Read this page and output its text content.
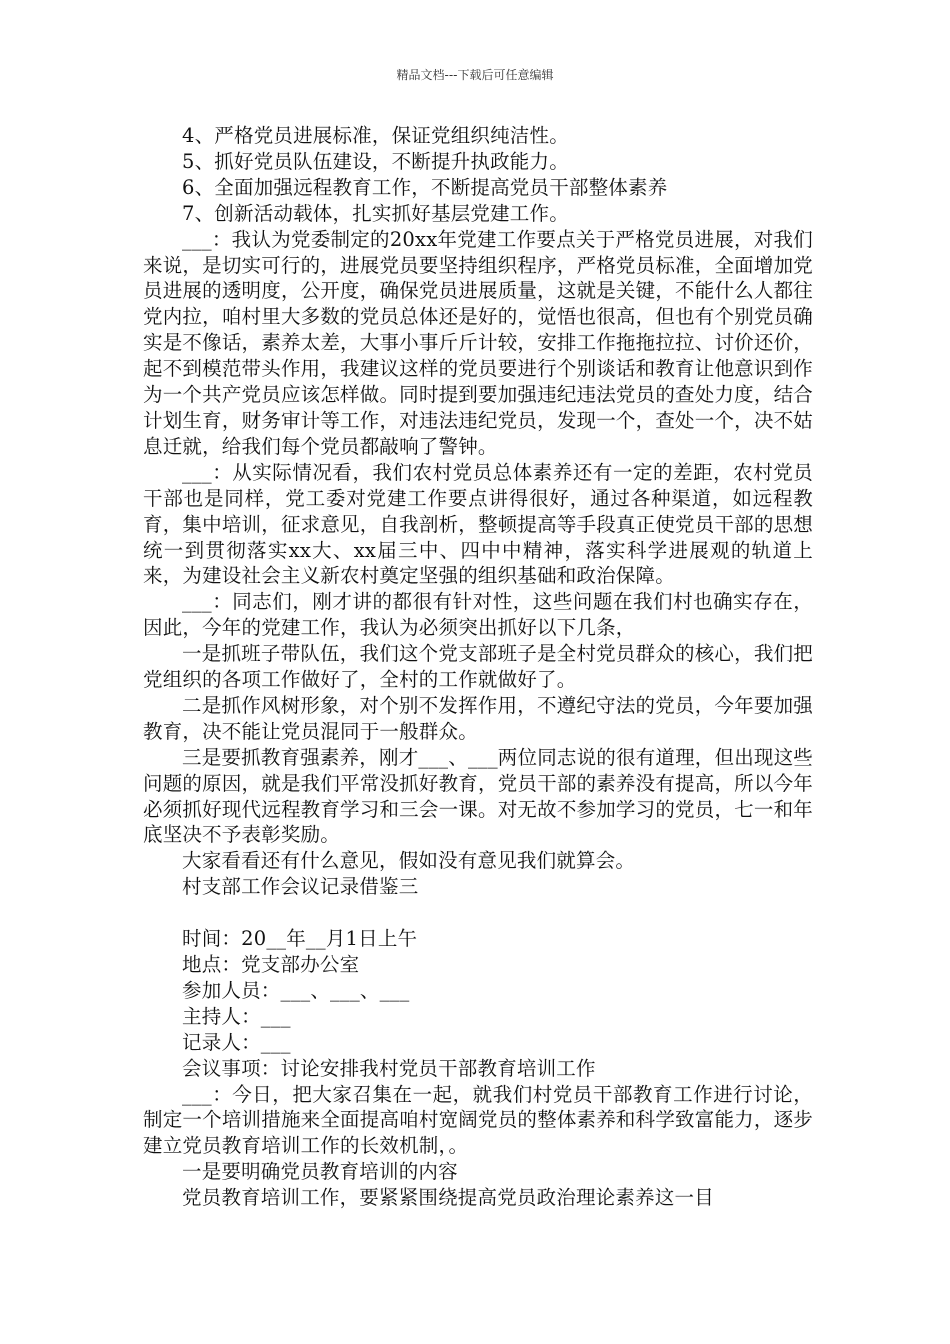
精品文档---下载后可任意编辑

4、严格党员进展标准，保证党组织纯洁性。

5、抓好党员队伍建设，不断提升执政能力。

6、全面加强远程教育工作，不断提高党员干部整体素养

7、创新活动载体，扎实抓好基层党建工作。

___：我认为党委制定的20xx年党建工作要点关于严格党员进展，对我们来说，是切实可行的，进展党员要坚持组织程序，严格党员标准，全面增加党员进展的透明度，公开度，确保党员进展质量，这就是关键，不能什么人都往党内拉，咱村里大多数的党员总体还是好的，觉悟也很高，但也有个别党员确实是不像话，素养太差，大事小事斤斤计较，安排工作拖拖拉拉、讨价还价，起不到模范带头作用，我建议这样的党员要进行个别谈话和教育让他意识到作为一个共产党员应该怎样做。同时提到要加强违纪违法党员的查处力度，结合计划生育，财务审计等工作，对违法违纪党员，发现一个，查处一个，决不姑息迁就，给我们每个党员都敲响了警钟。

___：从实际情况看，我们农村党员总体素养还有一定的差距，农村党员干部也是同样，党工委对党建工作要点讲得很好，通过各种渠道，如远程教育，集中培训，征求意见，自我剖析，整顿提高等手段真正使党员干部的思想统一到贯彻落实xx大、xx届三中、四中中精神，落实科学进展观的轨道上来，为建设社会主义新农村奠定坚强的组织基础和政治保障。

___：同志们，刚才讲的都很有针对性，这些问题在我们村也确实存在，因此，今年的党建工作，我认为必须突出抓好以下几条，

一是抓班子带队伍，我们这个党支部班子是全村党员群众的核心，我们把党组织的各项工作做好了，全村的工作就做好了。

二是抓作风树形象，对个别不发挥作用，不遵纪守法的党员，今年要加强教育，决不能让党员混同于一般群众。

三是要抓教育强素养，刚才___、___两位同志说的很有道理，但出现这些问题的原因，就是我们平常没抓好教育，党员干部的素养没有提高，所以今年必须抓好现代远程教育学习和三会一课。对无故不参加学习的党员，七一和年底坚决不予表彰奖励。

大家看看还有什么意见，假如没有意见我们就算会。

村支部工作会议记录借鉴三

时间：20__年__月1日上午

地点：党支部办公室

参加人员：___、___、___

主持人：___

记录人：___

会议事项：讨论安排我村党员干部教育培训工作

___：今日，把大家召集在一起，就我们村党员干部教育工作进行讨论，制定一个培训措施来全面提高咱村宽阔党员的整体素养和科学致富能力，逐步建立党员教育培训工作的长效机制，。

一是要明确党员教育培训的内容

党员教育培训工作，要紧紧围绕提高党员政治理论素养这一目
